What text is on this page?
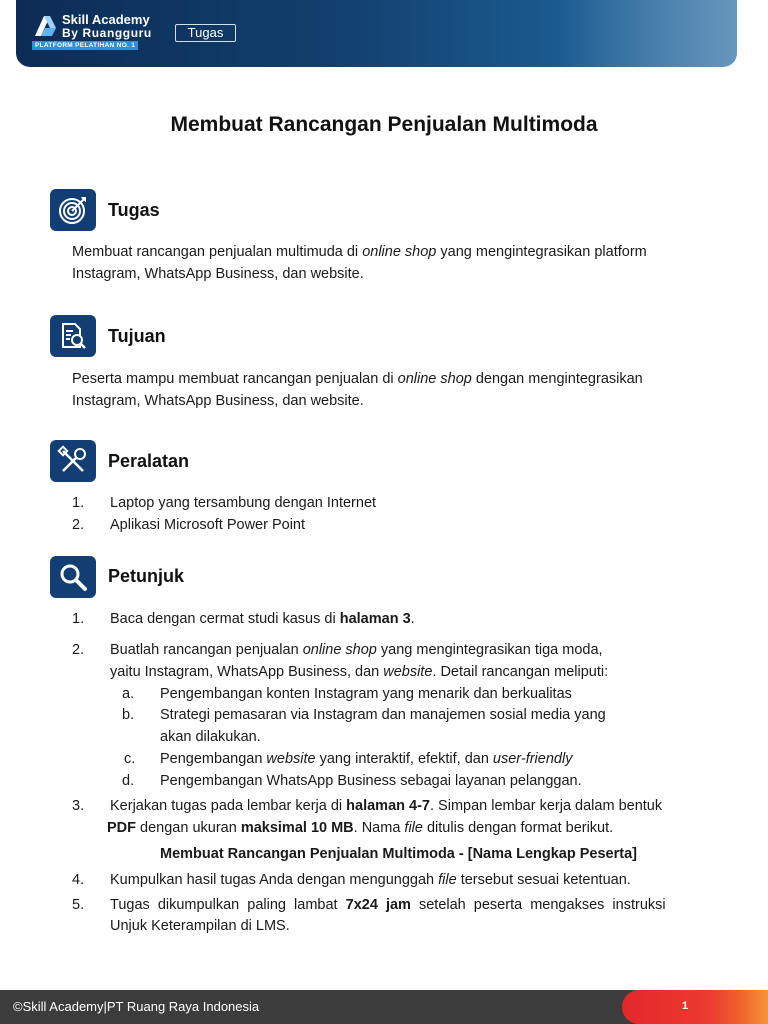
Skill Academy
By Ruangguru
PLATFORM PELATIHAN NO. 1
Tugas
Membuat Rancangan Penjualan Multimoda
Tugas
Membuat rancangan penjualan multimuda di online shop yang mengintegrasikan platform
Instagram, WhatsApp Business, dan website.
Tujuan
Peserta mampu membuat rancangan penjualan di online shop dengan mengintegrasikan
Instagram, WhatsApp Business, dan website.
Peralatan
1. Laptop yang tersambung dengan Internet
2. Aplikasi Microsoft Power Point
Petunjuk
1. Baca dengan cermat studi kasus di halaman 3.
2. Buatlah rancangan penjualan online shop yang mengintegrasikan tiga moda,
yaitu Instagram, WhatsApp Business, dan website. Detail rancangan meliputi:
a. Pengembangan konten Instagram yang menarik dan berkualitas
b. Strategi pemasaran via Instagram dan manajemen sosial media yang
akan dilakukan.
c. Pengembangan website yang interaktif, efektif, dan user-friendly
d. Pengembangan WhatsApp Business sebagai layanan pelanggan.
3. Kerjakan tugas pada lembar kerja di halaman 4-7. Simpan lembar kerja dalam bentuk
PDF dengan ukuran maksimal 10 MB. Nama file ditulis dengan format berikut.
Membuat Rancangan Penjualan Multimoda - [Nama Lengkap Peserta]
4. Kumpulkan hasil tugas Anda dengan mengunggah file tersebut sesuai ketentuan.
5. Tugas  dikumpulkan  paling  lambat  7x24  jam  setelah  peserta  mengakses  instruksi
Unjuk Keterampilan di LMS.
©Skill Academy|PT Ruang Raya Indonesia	1
